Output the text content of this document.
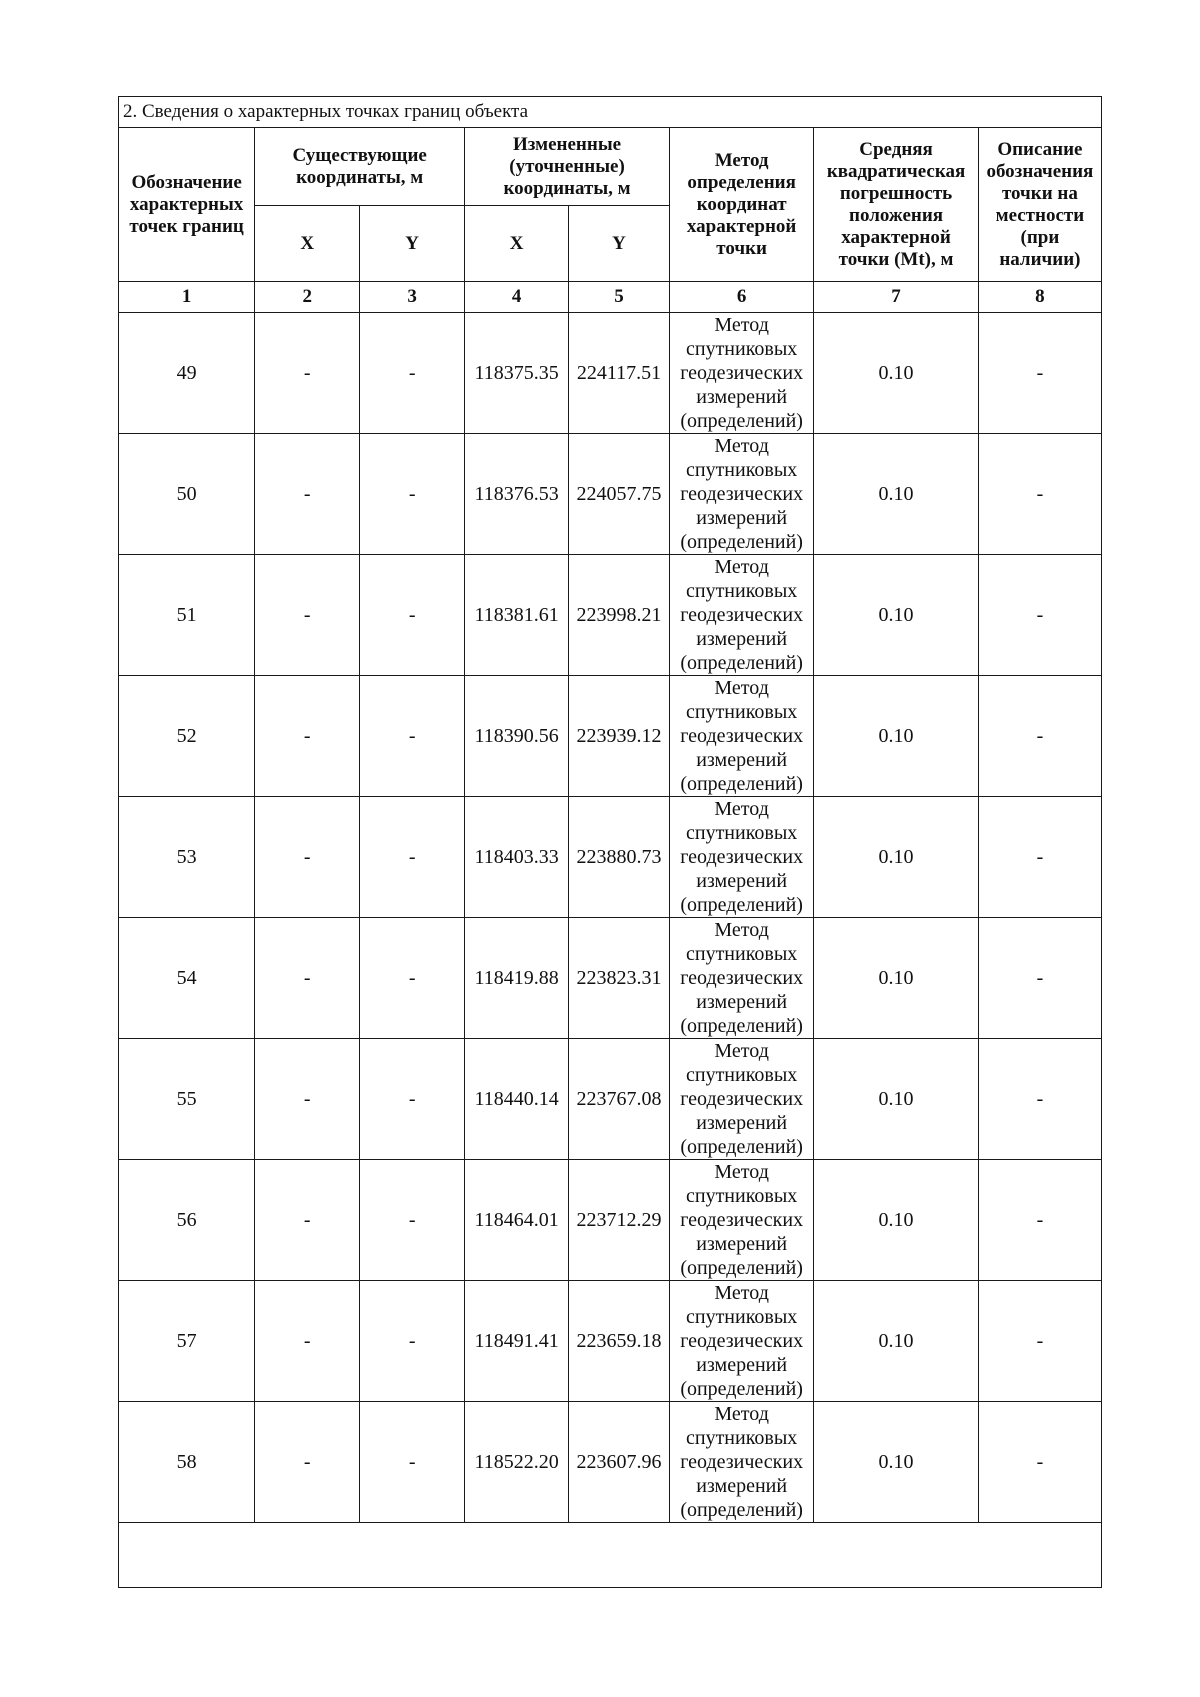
2. Сведения о характерных точках границ объекта							
Обозначение характерных точек границ	Существующие координаты, м		Измененные (уточненные) координаты, м		Метод определения координат характерной точки	Средняя квадратическая погрешность положения характерной точки (Mt), м	Описание обозначения точки на местности (при наличии)
	X	Y	X	Y			
1	2	3	4	5	6	7	8
49	-	-	118375.35	224117.51	Метод спутниковых геодезических измерений (определений)	0.10	-
50	-	-	118376.53	224057.75	Метод спутниковых геодезических измерений (определений)	0.10	-
51	-	-	118381.61	223998.21	Метод спутниковых геодезических измерений (определений)	0.10	-
52	-	-	118390.56	223939.12	Метод спутниковых геодезических измерений (определений)	0.10	-
53	-	-	118403.33	223880.73	Метод спутниковых геодезических измерений (определений)	0.10	-
54	-	-	118419.88	223823.31	Метод спутниковых геодезических измерений (определений)	0.10	-
55	-	-	118440.14	223767.08	Метод спутниковых геодезических измерений (определений)	0.10	-
56	-	-	118464.01	223712.29	Метод спутниковых геодезических измерений (определений)	0.10	-
57	-	-	118491.41	223659.18	Метод спутниковых геодезических измерений (определений)	0.10	-
58	-	-	118522.20	223607.96	Метод спутниковых геодезических измерений (определений)	0.10	-
